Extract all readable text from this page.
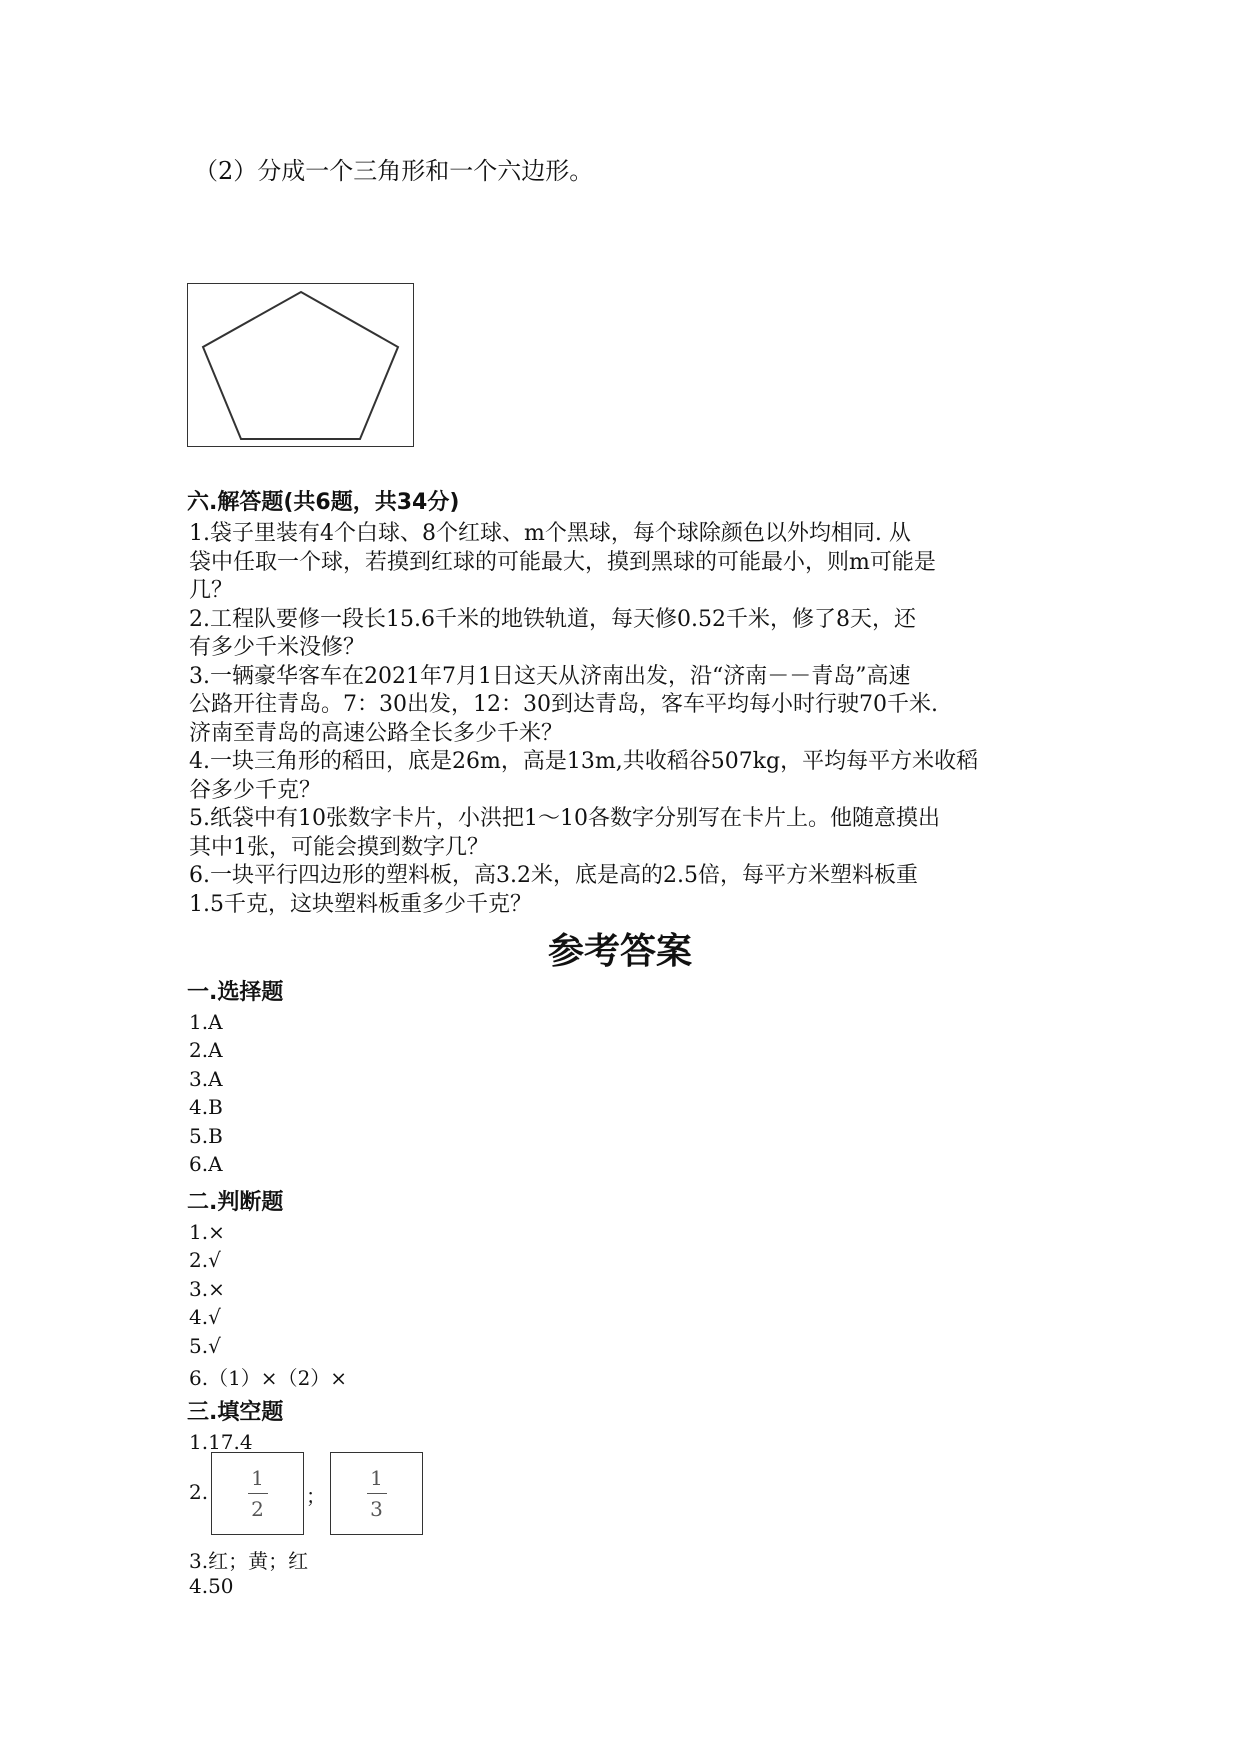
（2）分成一个三角形和一个六边形。
六.解答题(共6题，共34分)
1.袋子里装有4个白球、8个红球、m个黑球，每个球除颜色以外均相同. 从
袋中任取一个球，若摸到红球的可能最大，摸到黑球的可能最小，则m可能是
几？
2.工程队要修一段长15.6千米的地铁轨道，每天修0.52千米，修了8天，还
有多少千米没修？
3.一辆豪华客车在2021年7月1日这天从济南出发，沿“济南－－青岛”高速
公路开往青岛。7：30出发，12：30到达青岛，客车平均每小时行驶70千米.
济南至青岛的高速公路全长多少千米？
4.一块三角形的稻田，底是26m，高是13m,共收稻谷507kg，平均每平方米收稻
谷多少千克？
5.纸袋中有10张数字卡片，小洪把1～10各数字分别写在卡片上。他随意摸出
其中1张，可能会摸到数字几？
6.一块平行四边形的塑料板，高3.2米，底是高的2.5倍，每平方米塑料板重
1.5千克，这块塑料板重多少千克？
参考答案
一.选择题
1.A
2.A
3.A
4.B
5.B
6.A
二.判断题
1.×
2.√
3.×
4.√
5.√
6.（1）×（2）×
三.填空题
1.17.4
2.
1
2
；
1
3
3.红；黄；红
4.50
